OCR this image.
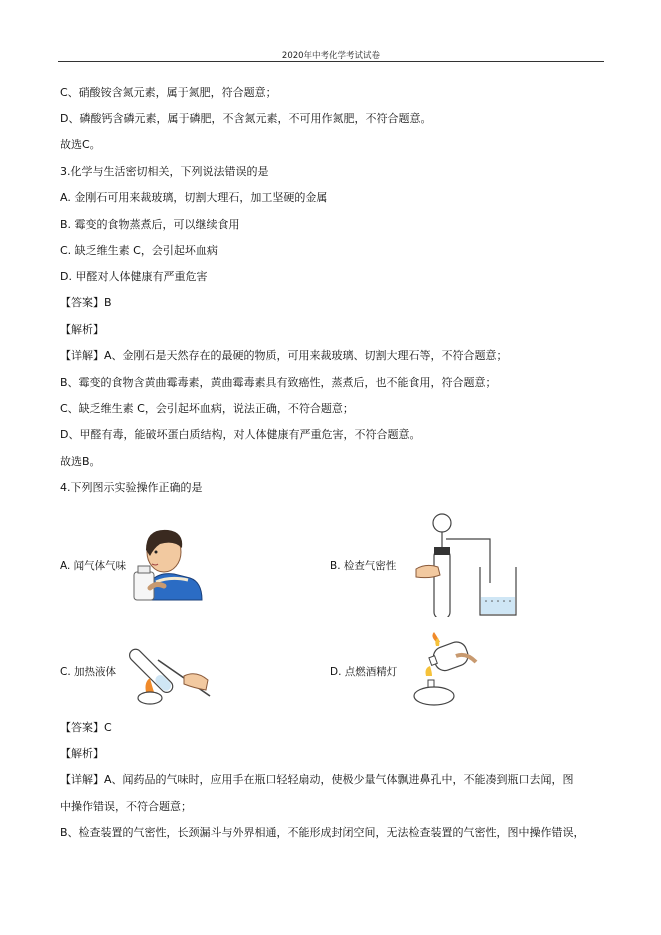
2020年中考化学考试试卷
C、硝酸铵含氮元素，属于氮肥，符合题意；
D、磷酸钙含磷元素，属于磷肥，不含氮元素，不可用作氮肥，不符合题意。
故选C。
3.化学与生活密切相关，下列说法错误的是
A. 金刚石可用来裁玻璃，切割大理石，加工坚硬的金属
B. 霉变的食物蒸煮后，可以继续食用
C. 缺乏维生素 C，会引起坏血病
D. 甲醛对人体健康有严重危害
【答案】B
【解析】
【详解】A、金刚石是天然存在的最硬的物质，可用来裁玻璃、切割大理石等，不符合题意；
B、霉变的食物含黄曲霉毒素，黄曲霉毒素具有致癌性，蒸煮后，也不能食用，符合题意；
C、缺乏维生素 C，会引起坏血病，说法正确，不符合题意；
D、甲醛有毒，能破坏蛋白质结构，对人体健康有严重危害，不符合题意。
故选B。
4.下列图示实验操作正确的是
A. 闻气体气味	B. 检查气密性
C. 加热液体	D. 点燃酒精灯
【答案】C
【解析】
【详解】A、闻药品的气味时，应用手在瓶口轻轻扇动，使极少量气体飘进鼻孔中，不能凑到瓶口去闻，图
中操作错误，不符合题意；
B、检查装置的气密性，长颈漏斗与外界相通，不能形成封闭空间，无法检查装置的气密性，图中操作错误，
